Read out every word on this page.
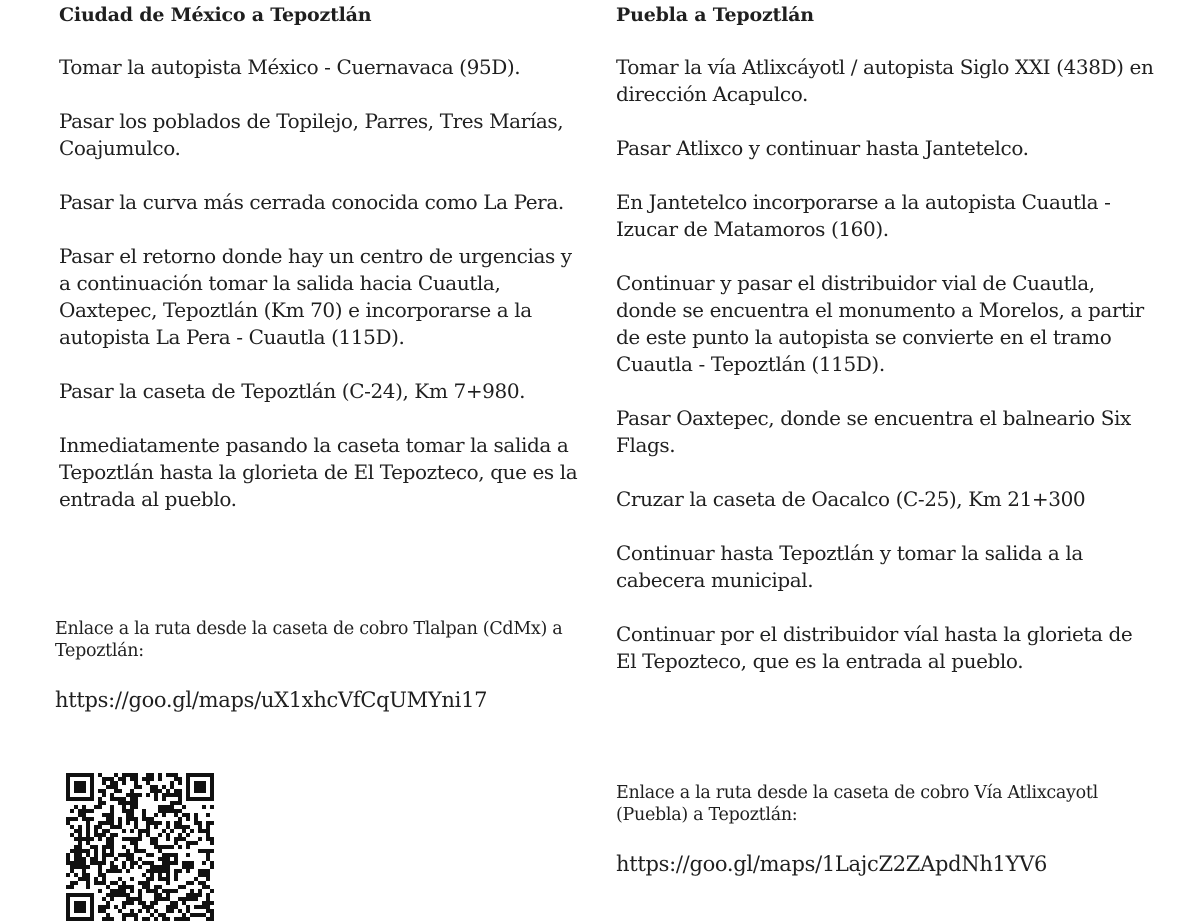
Ciudad de México a Tepoztlán
Tomar la autopista México - Cuernavaca (95D).
Pasar los poblados de Topilejo, Parres, Tres Marías, Coajumulco.
Pasar la curva más cerrada conocida como La Pera.
Pasar el retorno donde hay un centro de urgencias y a continuación tomar la salida hacia Cuautla, Oaxtepec, Tepoztlán (Km 70) e incorporarse a la autopista La Pera - Cuautla (115D).
Pasar la caseta de Tepoztlán (C-24), Km 7+980.
Inmediatamente pasando la caseta tomar la salida a Tepoztlán hasta la glorieta de El Tepozteco, que es la entrada al pueblo.
Puebla a Tepoztlán
Tomar la vía Atlixcáyotl / autopista Siglo XXI (438D) en dirección Acapulco.
Pasar Atlixco y continuar hasta Jantetelco.
En Jantetelco incorporarse a la autopista Cuautla - Izucar de Matamoros (160).
Continuar y pasar el distribuidor vial de Cuautla, donde se encuentra el monumento a Morelos, a partir de este punto la autopista se convierte en el tramo Cuautla - Tepoztlán (115D).
Pasar Oaxtepec, donde se encuentra el balneario Six Flags.
Cruzar la caseta de Oacalco (C-25), Km 21+300
Continuar hasta Tepoztlán y tomar la salida a la cabecera municipal.
Continuar por el distribuidor víal hasta la glorieta de El Tepozteco, que es la entrada al pueblo.

Enlace a la ruta desde la caseta de cobro Tlalpan (CdMx) a Tepoztlán:

https://goo.gl/maps/uX1xhcVfCqUMYni17

Enlace a la ruta desde la caseta de cobro Vía Atlixcayotl (Puebla) a Tepoztlán:

https://goo.gl/maps/1LajcZ2ZApdNh1YV6
